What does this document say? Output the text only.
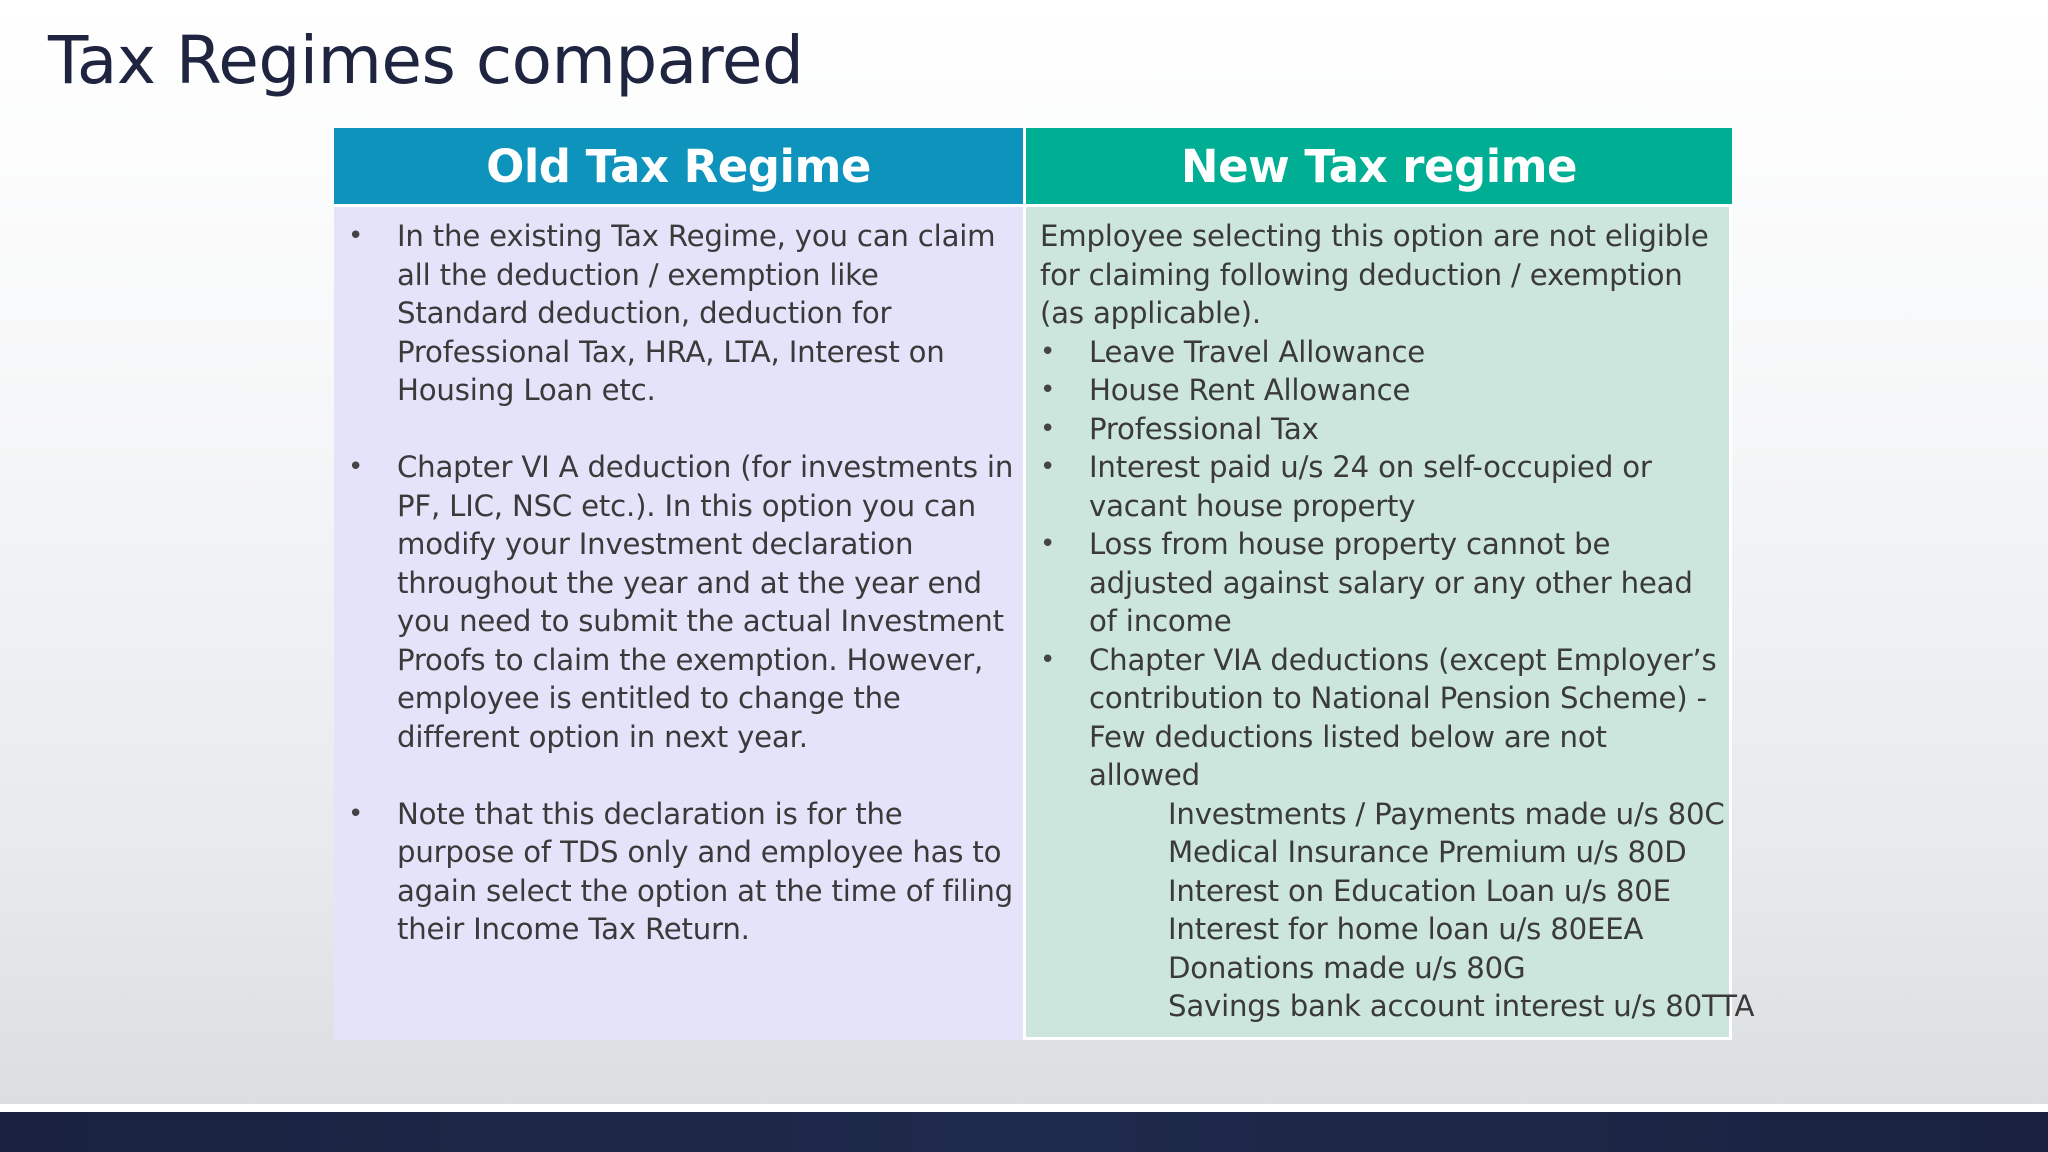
Tax Regimes compared
Old Tax Regime
• In the existing Tax Regime, you can claim all the deduction / exemption like Standard deduction, deduction for Professional Tax, HRA, LTA, Interest on Housing Loan etc.
• Chapter VI A deduction (for investments in PF, LIC, NSC etc.). In this option you can modify your Investment declaration throughout the year and at the year end you need to submit the actual Investment Proofs to claim the exemption. However, employee is entitled to change the different option in next year.
• Note that this declaration is for the purpose of TDS only and employee has to again select the option at the time of filing their Income Tax Return.
New Tax regime
Employee selecting this option are not eligible for claiming following deduction / exemption (as applicable).
• Leave Travel Allowance
• House Rent Allowance
• Professional Tax
• Interest paid u/s 24 on self-occupied or vacant house property
• Loss from house property cannot be adjusted against salary or any other head of income
• Chapter VIA deductions (except Employer’s contribution to National Pension Scheme) - Few deductions listed below are not allowed
Investments / Payments made u/s 80C
Medical Insurance Premium u/s 80D
Interest on Education Loan u/s 80E
Interest for home loan u/s 80EEA
Donations made u/s 80G
Savings bank account interest u/s 80TTA
